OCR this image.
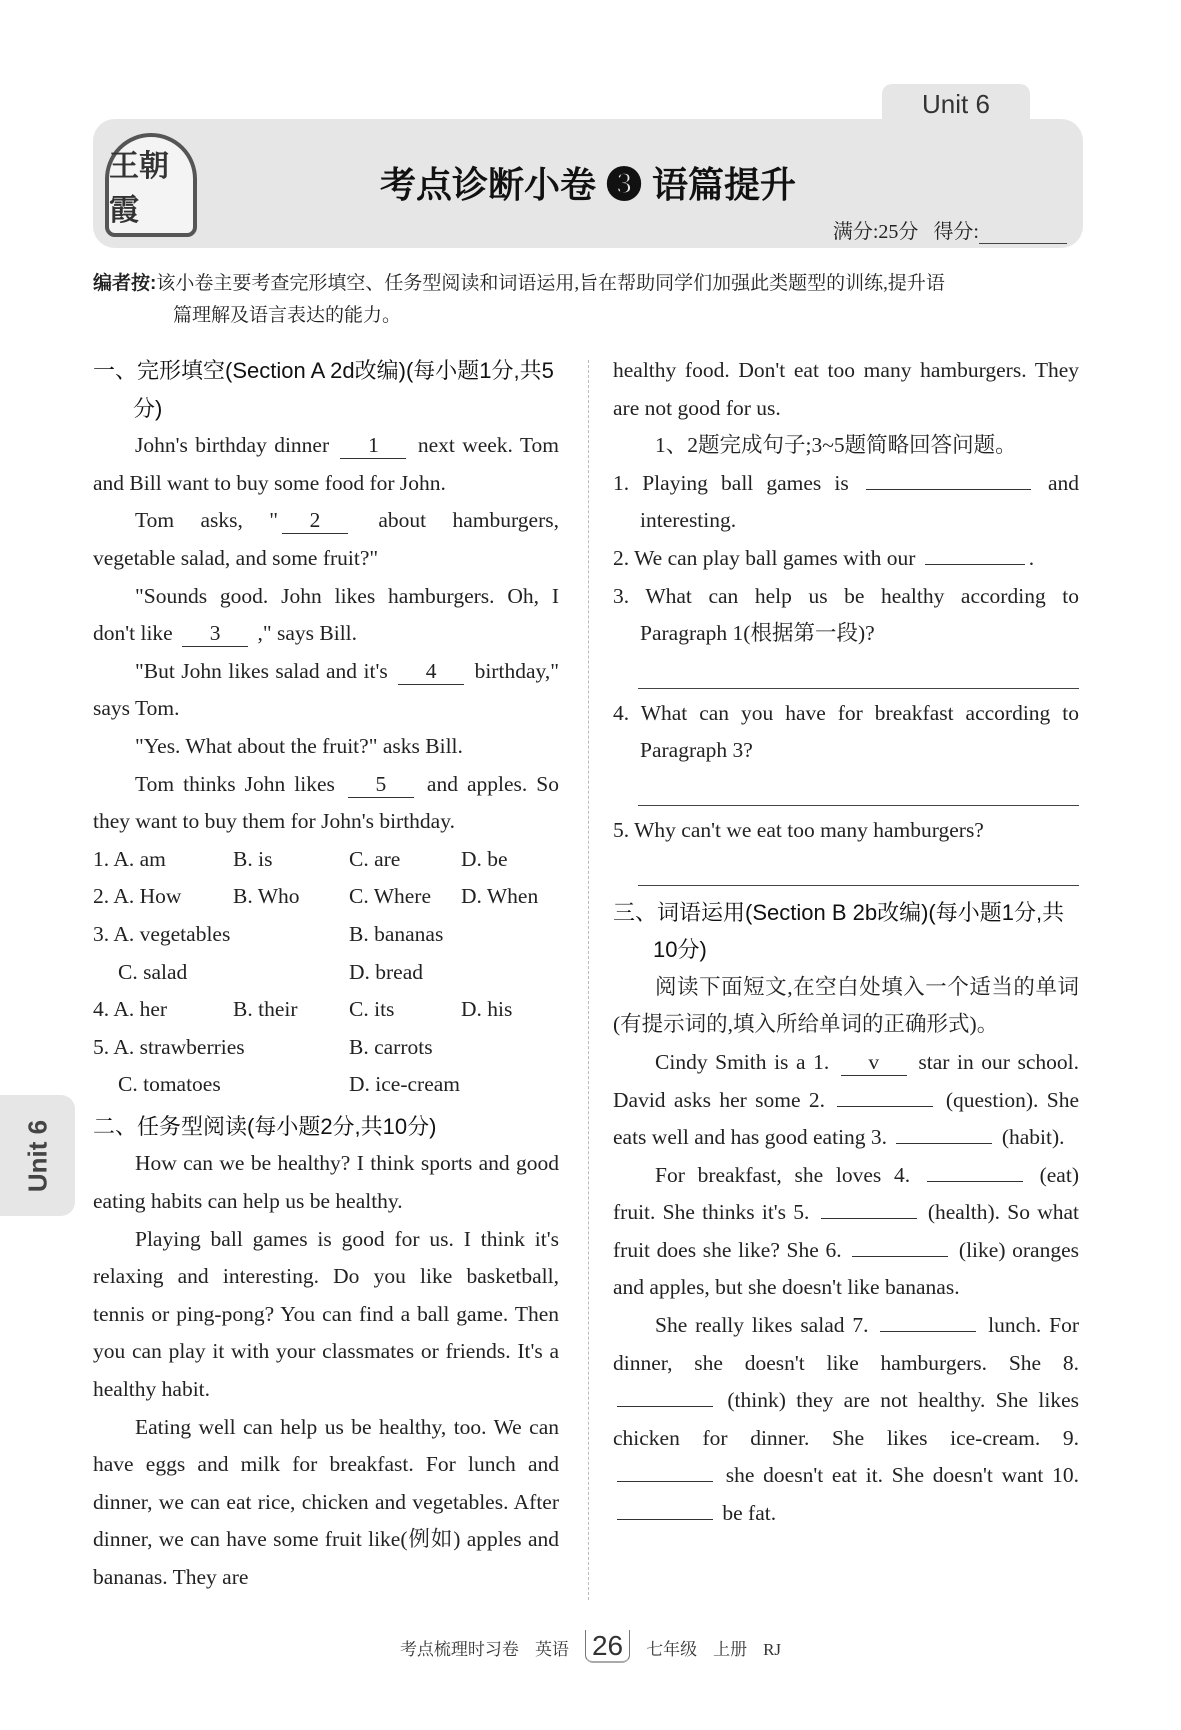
Unit 6
王朝霞
考点诊断小卷 ❸ 语篇提升
满分:25分 得分:
编者按:该小卷主要考查完形填空、任务型阅读和词语运用,旨在帮助同学们加强此类题型的训练,提升语
篇理解及语言表达的能力。
一、完形填空(Section A 2d改编)(每小题1分,共5分)
John's birthday dinner 1 next week. Tom and Bill want to buy some food for John.
Tom asks, " 2 about hamburgers, vegetable salad, and some fruit?"
"Sounds good. John likes hamburgers. Oh, I don't like 3 ," says Bill.
"But John likes salad and it's 4 birthday," says Tom.
"Yes. What about the fruit?" asks Bill.
Tom thinks John likes 5 and apples. So they want to buy them for John's birthday.
1. A. am	B. is	C. are	D. be
2. A. How	B. Who	C. Where	D. When
3. A. vegetables	B. bananas
C. salad	D. bread
4. A. her	B. their	C. its	D. his
5. A. strawberries	B. carrots
C. tomatoes	D. ice-cream
二、任务型阅读(每小题2分,共10分)
How can we be healthy? I think sports and good eating habits can help us be healthy.
Playing ball games is good for us. I think it's relaxing and interesting. Do you like basketball, tennis or ping-pong? You can find a ball game. Then you can play it with your classmates or friends. It's a healthy habit.
Eating well can help us be healthy, too. We can have eggs and milk for breakfast. For lunch and dinner, we can eat rice, chicken and vegetables. After dinner, we can have some fruit like(例如) apples and bananas. They are
healthy food. Don't eat too many hamburgers. They are not good for us.
1、2题完成句子;3~5题简略回答问题。
1. Playing ball games is	and interesting.
2. We can play ball games with our	.
3. What can help us be healthy according to Paragraph 1(根据第一段)?
4. What can you have for breakfast according to Paragraph 3?
5. Why can't we eat too many hamburgers?
三、词语运用(Section B 2b改编)(每小题1分,共10分)
阅读下面短文,在空白处填入一个适当的单词(有提示词的,填入所给单词的正确形式)。
Cindy Smith is a 1. v star in our school. David asks her some 2.	(question). She eats well and has good eating 3.	(habit).
For breakfast, she loves 4.	(eat) fruit. She thinks it's 5.	(health). So what fruit does she like? She 6.	(like) oranges and apples, but she doesn't like bananas.
She really likes salad 7.	lunch. For dinner, she doesn't like hamburgers. She 8.  (think) they are not healthy. She likes chicken for dinner. She likes ice-cream. 9.  she doesn't eat it. She doesn't want 10.  be fat.
Unit 6
考点梳理时习卷 英语 26 七年级 上册 RJ
